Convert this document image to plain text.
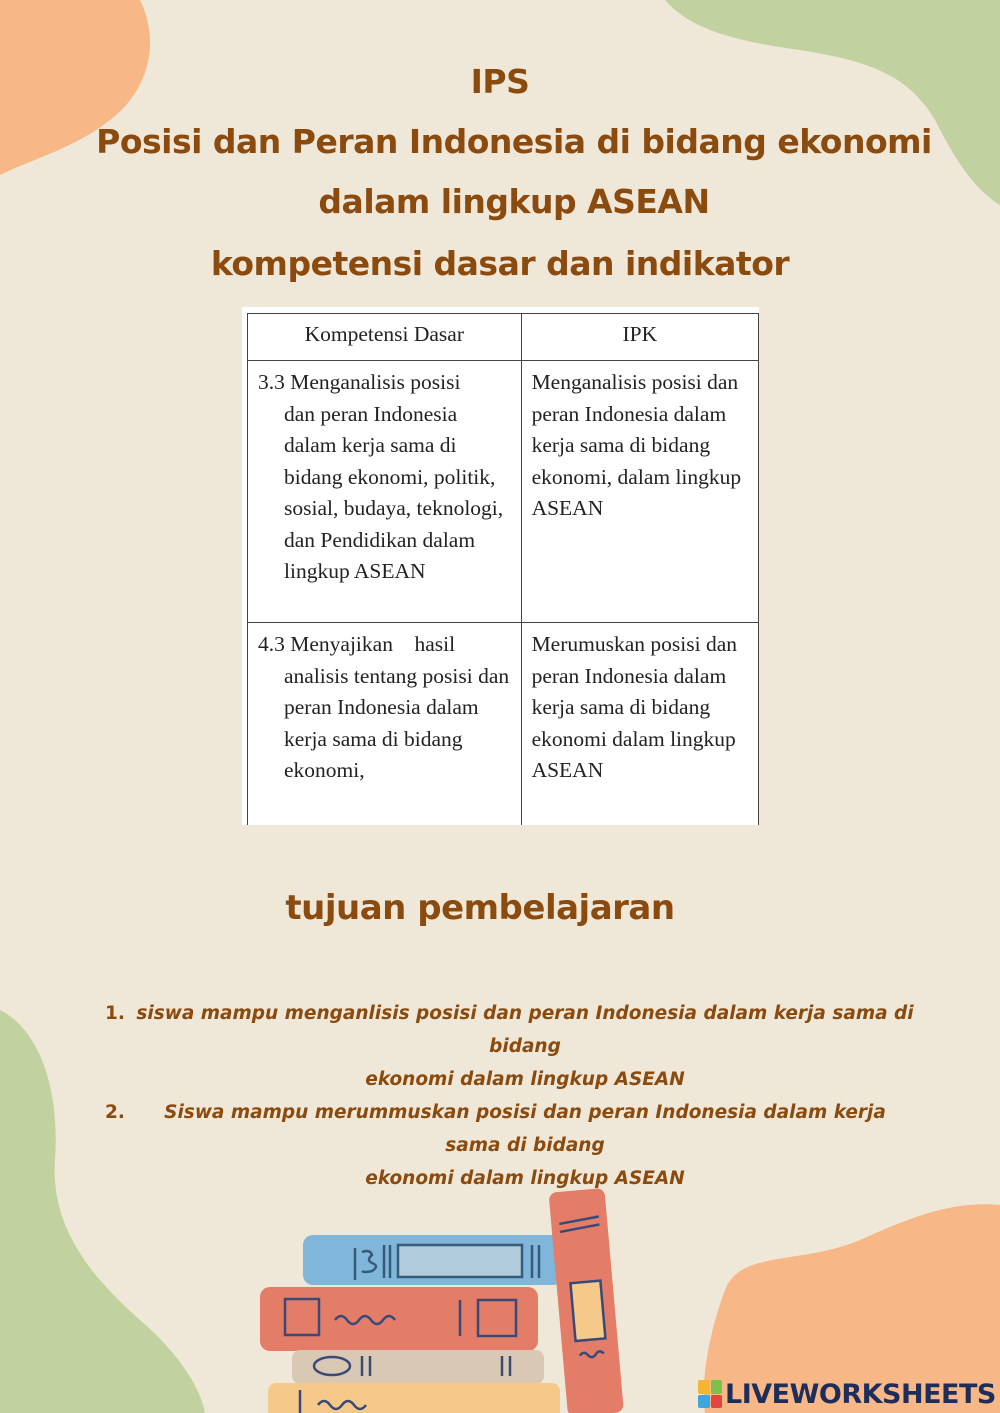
IPS
Posisi dan Peran Indonesia di bidang ekonomi
dalam lingkup ASEAN
kompetensi dasar dan indikator
Kompetensi Dasar	IPK

3.3 Menganalisis posisi
dan peran Indonesia dalam kerja sama di bidang ekonomi, politik, sosial, budaya, teknologi, dan Pendidikan dalam lingkup ASEAN	Menganalisis posisi dan peran Indonesia dalam kerja sama di bidang ekonomi, dalam lingkup ASEAN

4.3 Menyajikan    hasil
analisis tentang posisi dan peran Indonesia dalam kerja sama di bidang ekonomi,	Merumuskan posisi dan peran Indonesia dalam kerja sama di bidang ekonomi dalam lingkup ASEAN
tujuan pembelajaran
1. siswa mampu menganlisis posisi dan peran Indonesia dalam kerja sama di bidang
ekonomi dalam lingkup ASEAN
2.	Siswa mampu merummuskan posisi dan peran Indonesia dalam kerja sama di bidang
ekonomi dalam lingkup ASEAN
LIVEWORKSHEETS
